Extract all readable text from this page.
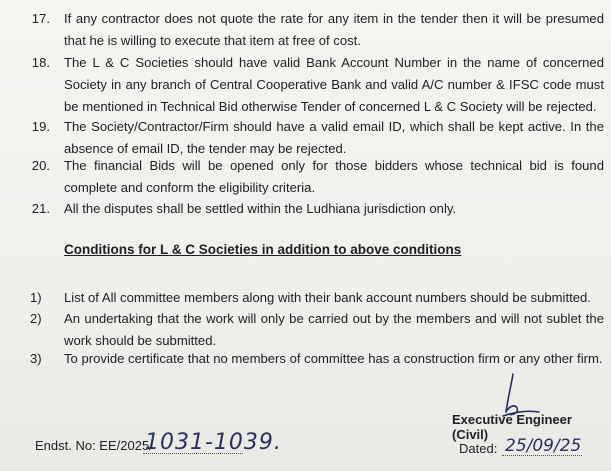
17. If any contractor does not quote the rate for any item in the tender then it will be presumed that he is willing to execute that item at free of cost.
18. The L & C Societies should have valid Bank Account Number in the name of concerned Society in any branch of Central Cooperative Bank and valid A/C number & IFSC code must be mentioned in Technical Bid otherwise Tender of concerned L & C Society will be rejected.
19. The Society/Contractor/Firm should have a valid email ID, which shall be kept active. In the absence of email ID, the tender may be rejected.
20. The financial Bids will be opened only for those bidders whose technical bid is found complete and conform the eligibility criteria.
21. All the disputes shall be settled within the Ludhiana jurisdiction only.
Conditions for L & C Societies in addition to above conditions
1) List of All committee members along with their bank account numbers should be submitted.
2) An undertaking that the work will only be carried out by the members and will not sublet the work should be submitted.
3) To provide certificate that no members of committee has a construction firm or any other firm.
Executive Engineer (Civil)
Endst. No: EE/2025/
1031-1039.	Dated: 25/09/25
